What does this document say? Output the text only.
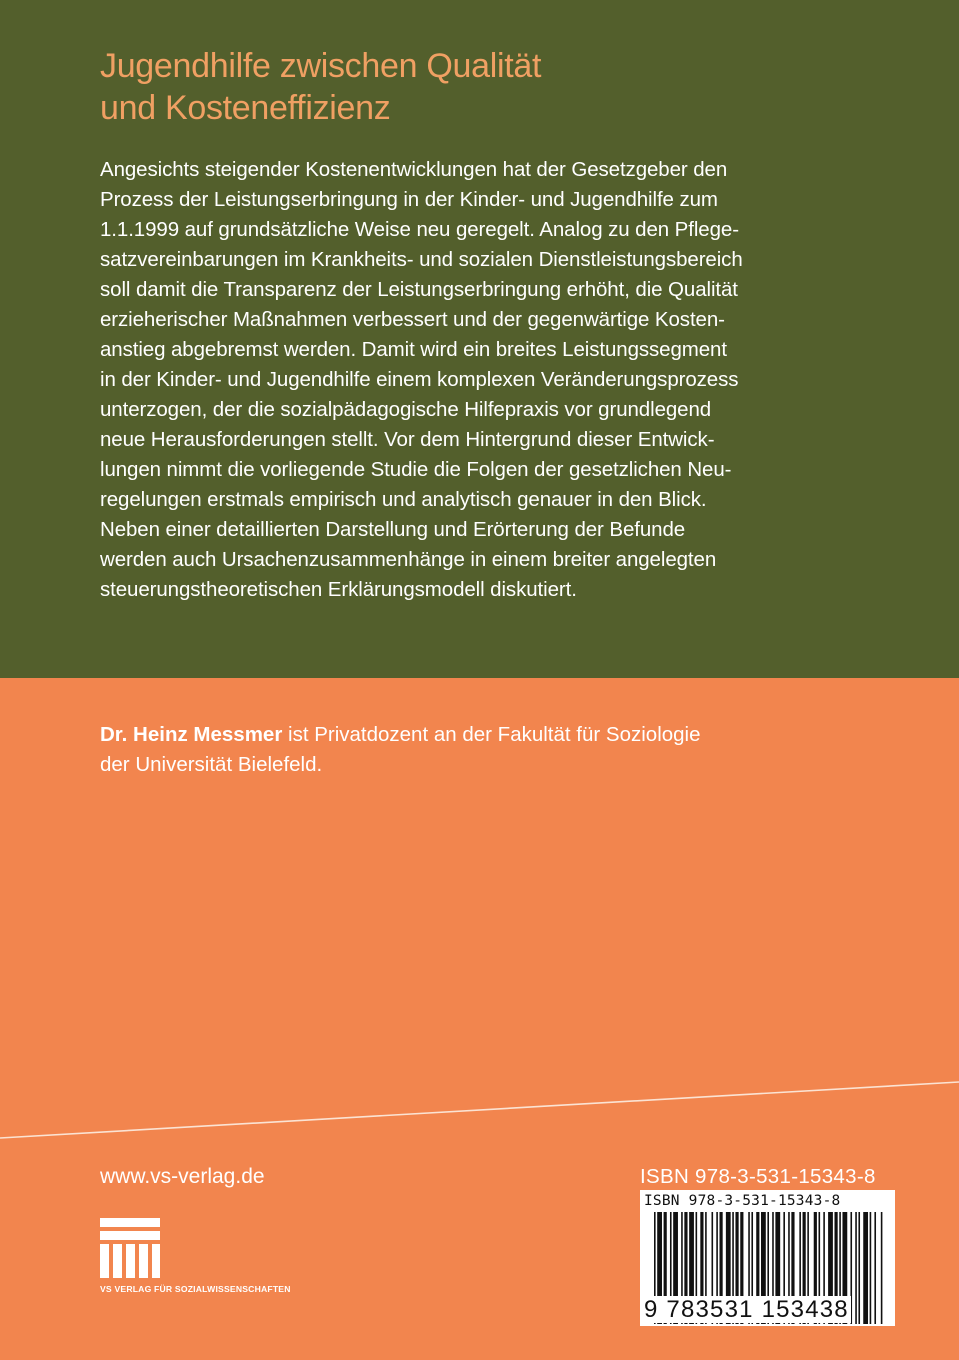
Jugendhilfe zwischen Qualität
und Kosteneffizienz

Angesichts steigender Kostenentwicklungen hat der Gesetzgeber den
Prozess der Leistungserbringung in der Kinder- und Jugendhilfe zum
1.1.1999 auf grundsätzliche Weise neu geregelt. Analog zu den Pflege-
satzvereinbarungen im Krankheits- und sozialen Dienstleistungsbereich
soll damit die Transparenz der Leistungserbringung erhöht, die Qualität
erzieherischer Maßnahmen verbessert und der gegenwärtige Kosten-
anstieg abgebremst werden. Damit wird ein breites Leistungssegment
in der Kinder- und Jugendhilfe einem komplexen Veränderungsprozess
unterzogen, der die sozialpädagogische Hilfepraxis vor grundlegend
neue Herausforderungen stellt. Vor dem Hintergrund dieser Entwick-
lungen nimmt die vorliegende Studie die Folgen der gesetzlichen Neu-
regelungen erstmals empirisch und analytisch genauer in den Blick.
Neben einer detaillierten Darstellung und Erörterung der Befunde
werden auch Ursachenzusammenhänge in einem breiter angelegten
steuerungstheoretischen Erklärungsmodell diskutiert.

Dr. Heinz Messmer ist Privatdozent an der Fakultät für Soziologie
der Universität Bielefeld.

www.vs-verlag.de
VS VERLAG FÜR SOZIALWISSENSCHAFTEN
ISBN 978-3-531-15343-8
ISBN 978-3-531-15343-8
9 783531 153438
